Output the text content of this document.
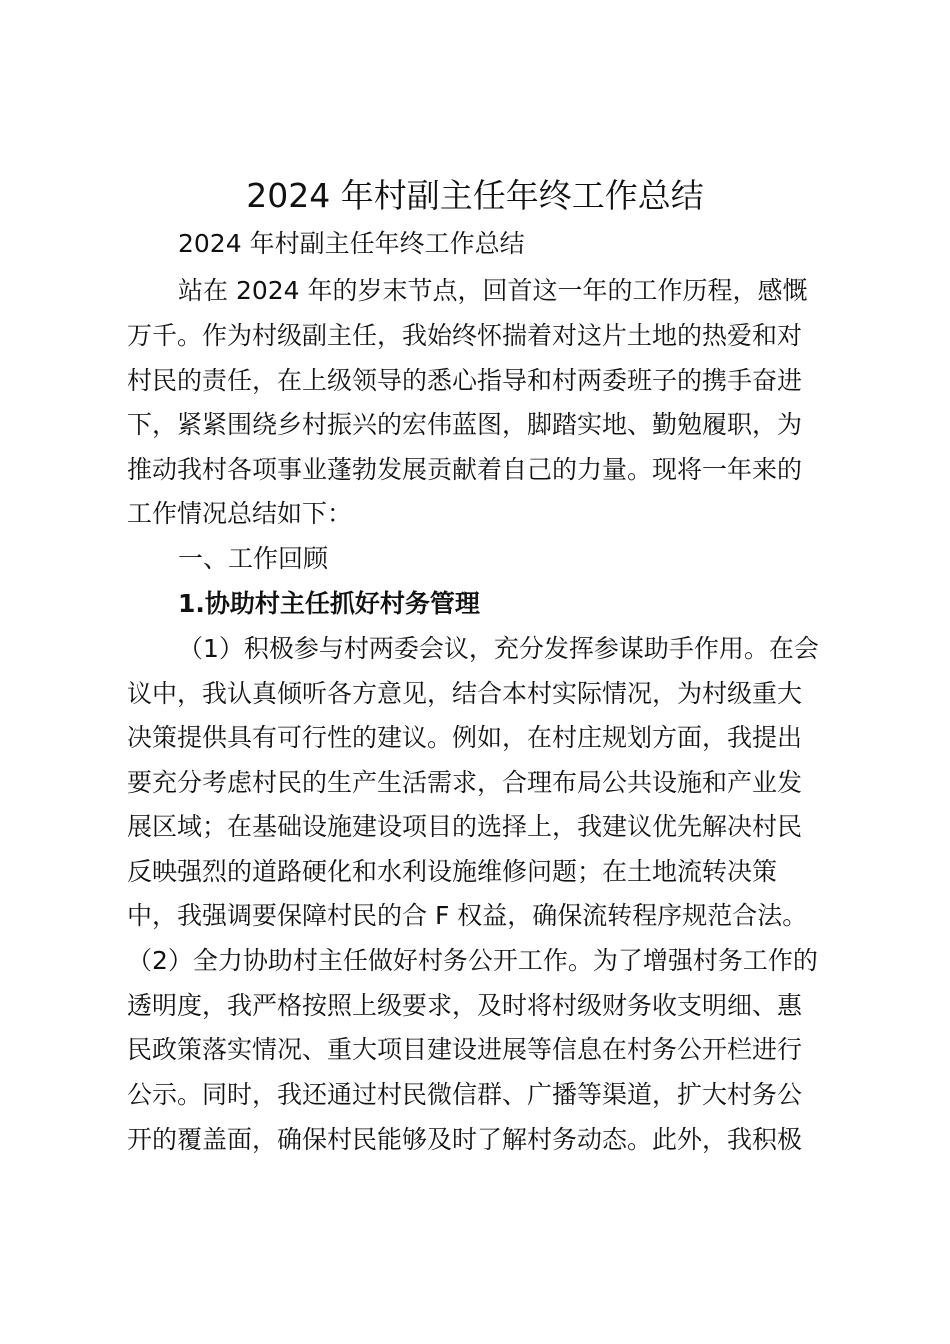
2024 年村副主任年终工作总结
2024 年村副主任年终工作总结
站在 2024 年的岁末节点，回首这一年的工作历程，感慨
万千。作为村级副主任，我始终怀揣着对这片土地的热爱和对
村民的责任，在上级领导的悉心指导和村两委班子的携手奋进
下，紧紧围绕乡村振兴的宏伟蓝图，脚踏实地、勤勉履职，为
推动我村各项事业蓬勃发展贡献着自己的力量。现将一年来的
工作情况总结如下：
一、工作回顾
1.协助村主任抓好村务管理
（1）积极参与村两委会议，充分发挥参谋助手作用。在会
议中，我认真倾听各方意见，结合本村实际情况，为村级重大
决策提供具有可行性的建议。例如，在村庄规划方面，我提出
要充分考虑村民的生产生活需求，合理布局公共设施和产业发
展区域；在基础设施建设项目的选择上，我建议优先解决村民
反映强烈的道路硬化和水利设施维修问题；在土地流转决策
中，我强调要保障村民的合 F 权益，确保流转程序规范合法。
（2）全力协助村主任做好村务公开工作。为了增强村务工作的
透明度，我严格按照上级要求，及时将村级财务收支明细、惠
民政策落实情况、重大项目建设进展等信息在村务公开栏进行
公示。同时，我还通过村民微信群、广播等渠道，扩大村务公
开的覆盖面，确保村民能够及时了解村务动态。此外，我积极
